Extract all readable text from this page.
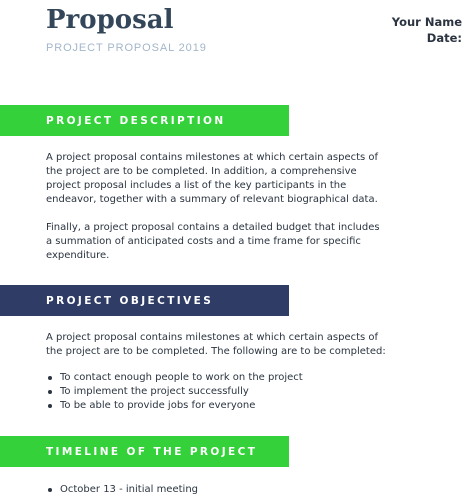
Proposal
PROJECT PROPOSAL 2019
Your Name
Date:
PROJECT DESCRIPTION

A project proposal contains milestones at which certain aspects of the project are to be completed. In addition, a comprehensive project proposal includes a list of the key participants in the endeavor, together with a summary of relevant biographical data.

Finally, a project proposal contains a detailed budget that includes a summation of anticipated costs and a time frame for specific expenditure.

PROJECT OBJECTIVES

A project proposal contains milestones at which certain aspects of the project are to be completed. The following are to be completed:

To contact enough people to work on the project
To implement the project successfully
To be able to provide jobs for everyone
TIMELINE OF THE PROJECT
October 13 - initial meeting
